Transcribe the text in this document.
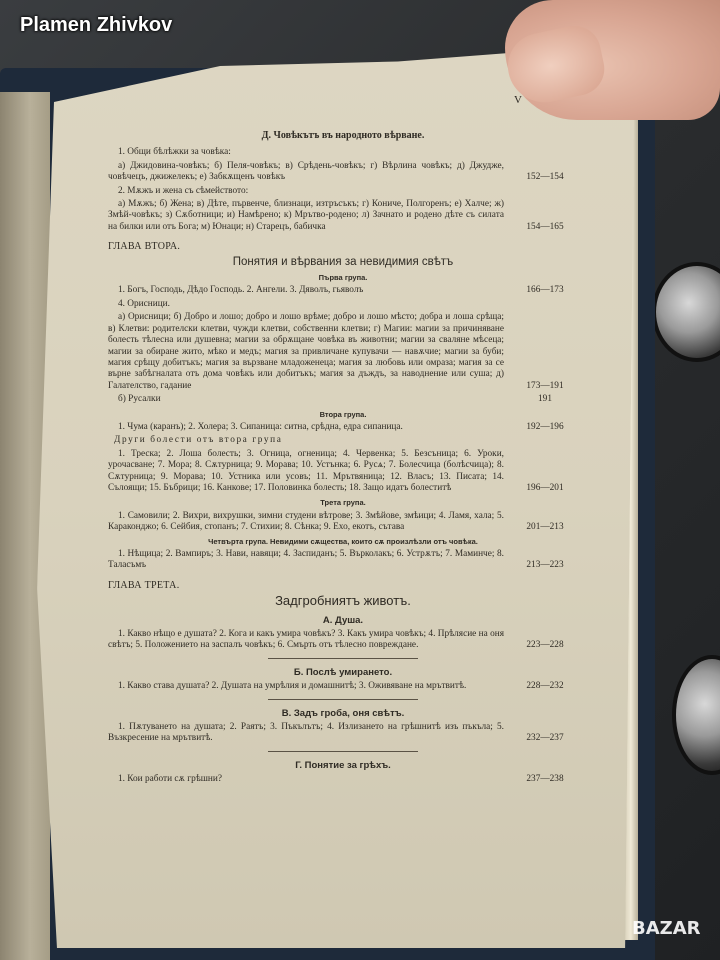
Plamen Zhivkov
BAZAR
V
Д. Човѣкътъ въ народното вѣрване.
1. Общи бѣлѣжки за човѣка:
а) Джидовина-човѣкъ; б) Пеля-човѣкъ; в) Срѣдень-човѣкъ; г) Вѣрлина човѣкъ; д) Джудже, човѣчецъ, джижелекъ; е) Забкѫщенъ човѣкъ	152—154
2. Мѫжъ и жена съ сѣмейството:
а) Мѫжъ; б) Жена; в) Дѣте, първенче, близнаци, изтръсъкъ; г) Кониче, Полгоренъ; е) Халче; ж) Змѣй-човѣкъ; з) Сѫботници; и) Намѣрено; к) Мрътво-родено; л) Зачнато и родено дѣте съ силата на билки или отъ Бога; м) Юнаци; н) Старецъ, бабичка	154—165
ГЛАВА ВТОРА.
Понятия и вѣрвания за невидимия свѣтъ
Първа група.
1. Богъ, Господь, Дѣдо Господь. 2. Ангели. 3. Дяволъ, гьяволъ	166—173
4. Орисници.
а) Орисници; б) Добро и лошо; добро и лошо врѣме; добро и лошо мѣсто; добра и лоша срѣща; в) Клетви: родителски клетви, чужди клетви, собственни клетви; г) Магии: магии за причиняване болесть тѣлесна или душевна; магии за обрѫщане човѣка въ животни; магии за сваляне мѣсеца; магии за обиране жито, мѣко и медъ; магия за привличане купувачи — навѫчие; магии за буби; магия срѣщу добитъкъ; магия за вързване младоженеца; магия за любовь или омраза; магия за се върне забѣгналата отъ дома човѣкъ или добитъкъ; магия за дъждъ, за наводнение или суша; д) Галателство, гадание	173—191
б) Русалки	191
Втора група.
1. Чума (каранъ); 2. Холера; 3. Сипаница: ситна, срѣдна, едра сипаница.	192—196
Други болести отъ втора група
1. Треска; 2. Лоша болесть; 3. Огница, огненица; 4. Червенка; 5. Безсъница; 6. Уроки, урочасване; 7. Мора; 8. Сѫтурница; 9. Морава; 10. Устънка; 6. Русѧ; 7. Болесчица (болѣсчица); 8. Сѫтурница; 9. Морава; 10. Устника или усовъ; 11. Мрътвяница; 12. Власъ; 13. Писата; 14. Сълоящи; 15. Бъбрици; 16. Канкове; 17. Половинка болесть; 18. Защо идатъ болеститѣ	196—201
Трета група.
1. Самовили; 2. Вихри, вихрушки, зимни студени вѣтрове; 3. Змѣйове, змѣици; 4. Ламя, хала; 5. Караконджо; 6. Сейбия, стопанъ; 7. Стихии; 8. Сѣнка; 9. Ехо, екотъ, сътава	201—213
Четвърта група. Невидими сѫщества, които сѫ произлѣзли отъ човѣка.
1. Нѣщица; 2. Вампиръ; 3. Нави, навяци; 4. Заспиданъ; 5. Върколакъ; 6. Устрѫтъ; 7. Маминче; 8. Таласъмъ	213—223
ГЛАВА ТРЕТА.
Задгробниятъ животъ.
А. Душа.
1. Какво нѣщо е душата? 2. Кога и какъ умира човѣкъ? 3. Какъ умира човѣкъ; 4. Прѣлясие на оня свѣтъ; 5. Положението на заспалъ човѣкъ; 6. Смърть отъ тѣлесно повреждане.	223—228
Б. Послѣ умирането.
1. Какво става душата? 2. Душата на умрѣлия и домашнитѣ; 3. Оживяване на мрътвитѣ.	228—232
В. Задъ гроба, оня свѣтъ.
1. Пѫтуването на душата; 2. Раятъ; 3. Пъкълътъ; 4. Излизането на грѣшнитѣ изъ пъкъла; 5. Възкресение на мрътвитѣ.	232—237
Г. Понятие за грѣхъ.
1. Кои работи сѫ грѣшни?	237—238
